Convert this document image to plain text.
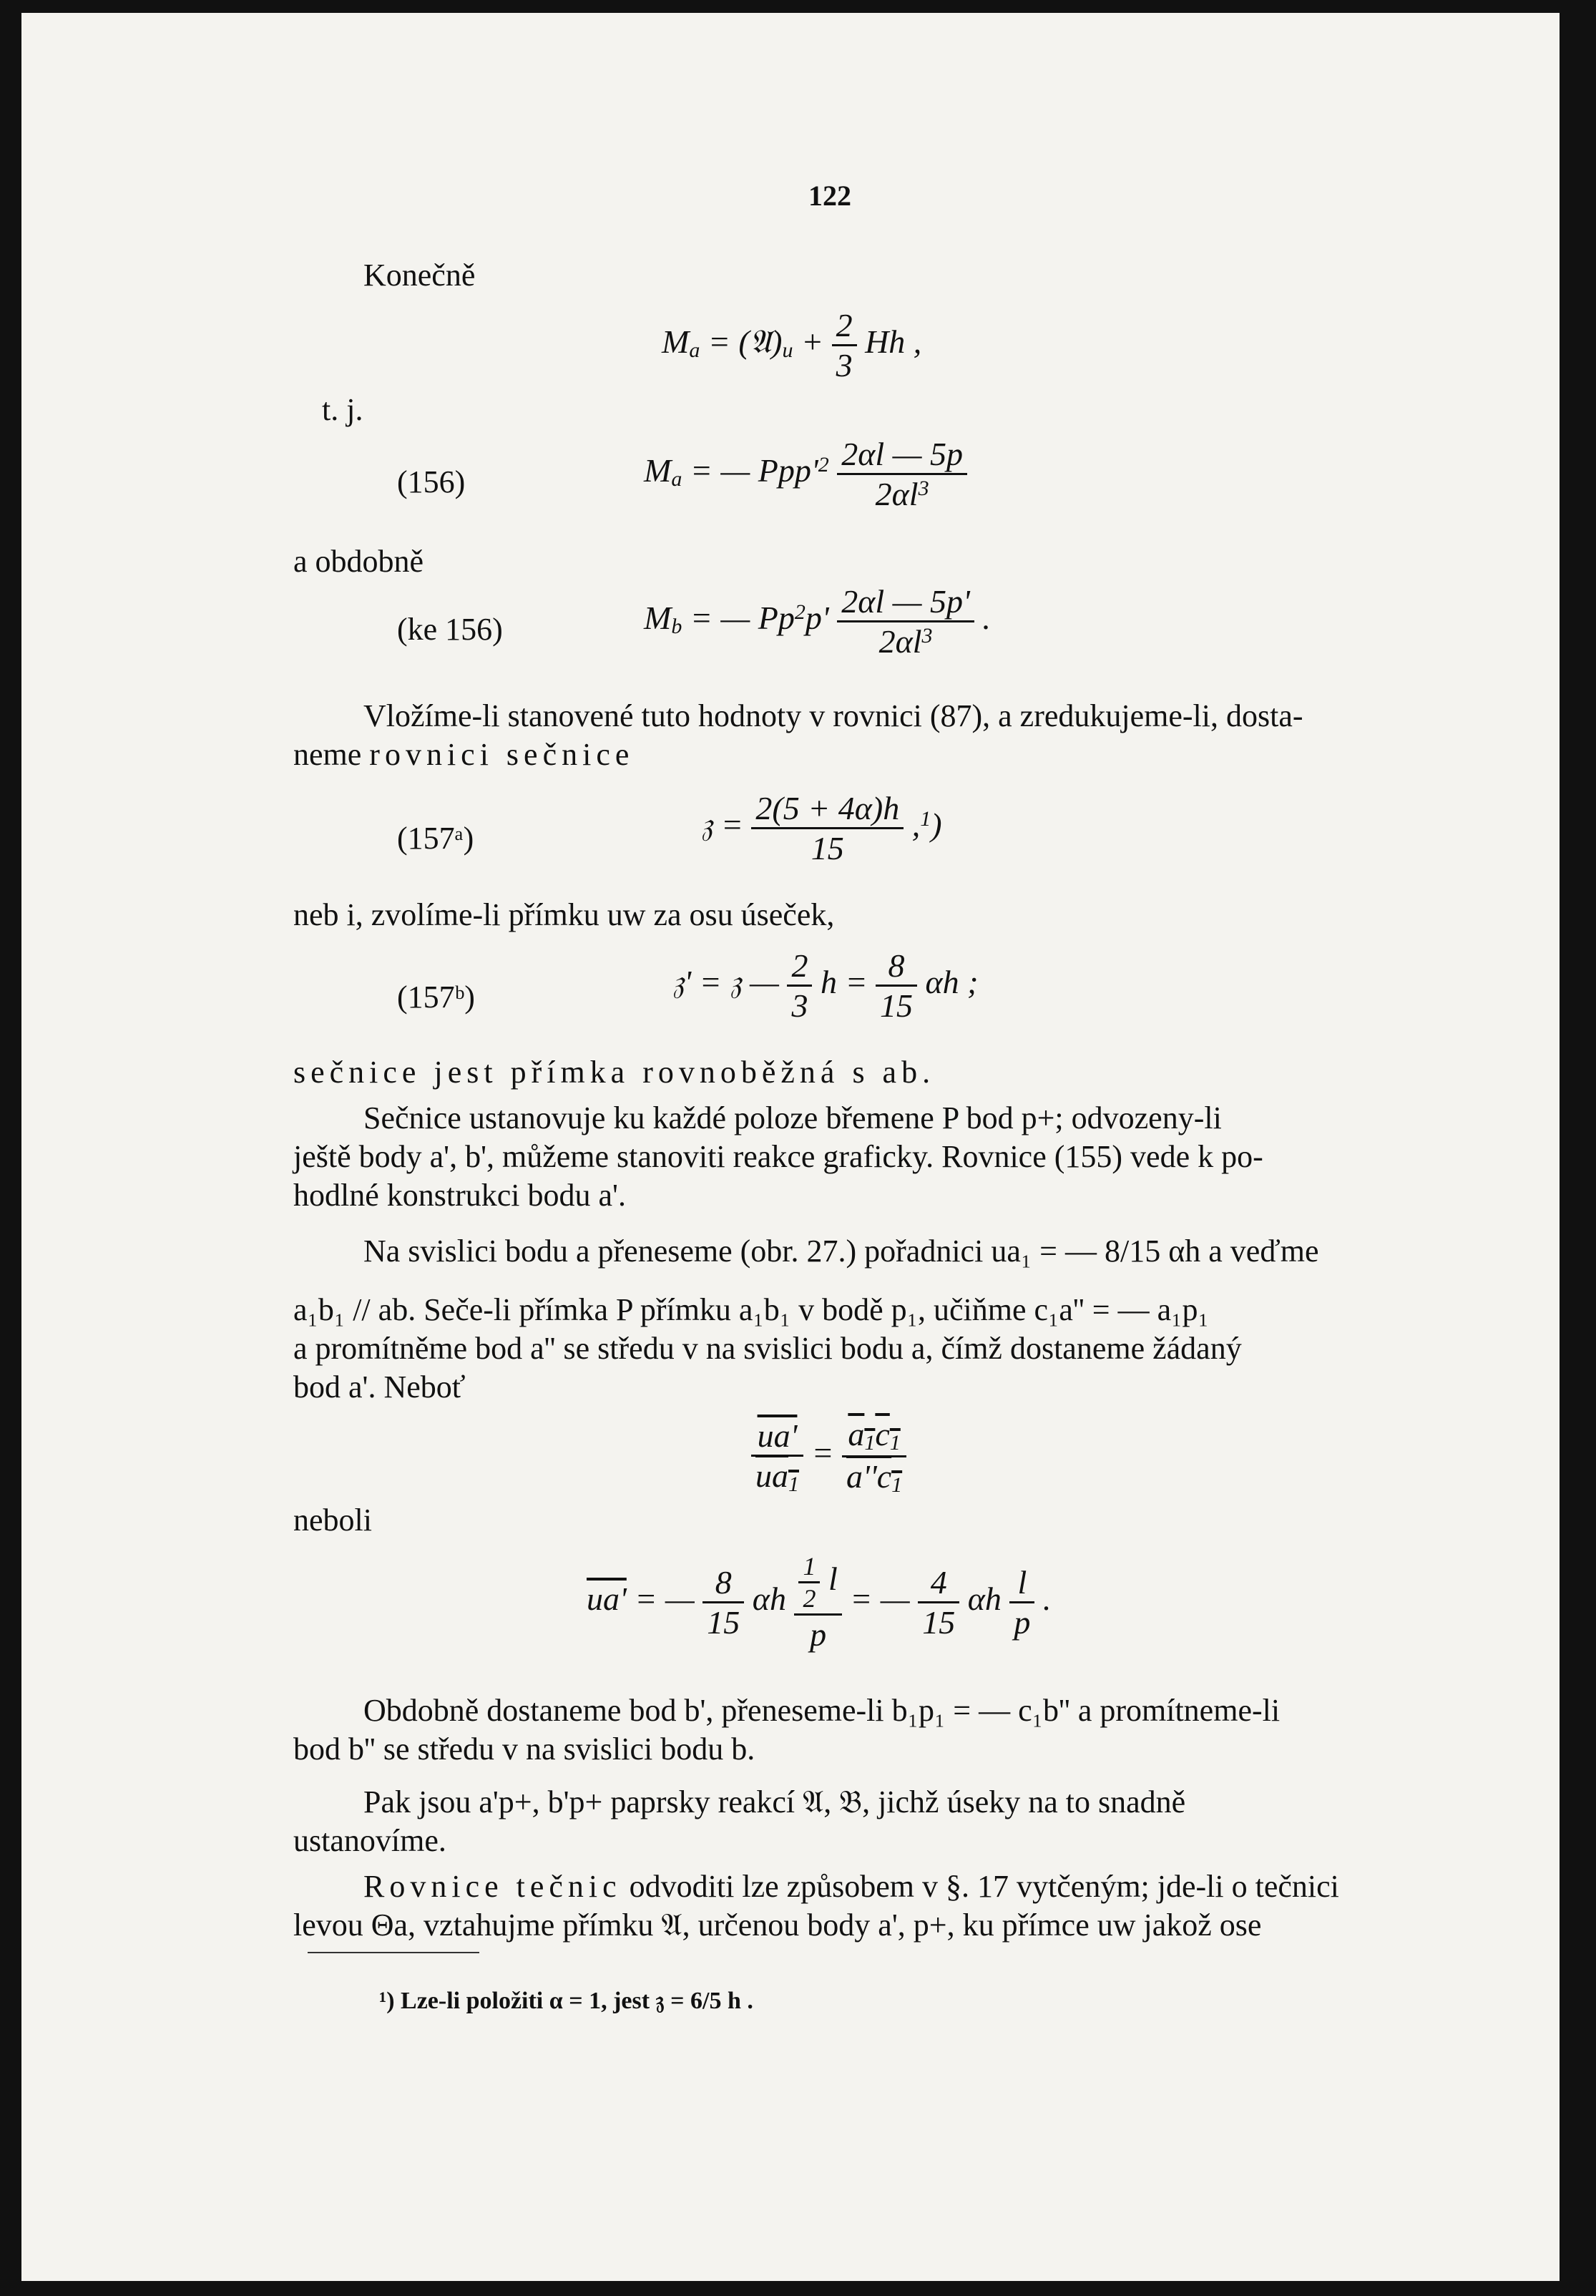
122
Konečně
$M_a$ = $(𝔄)_u + \frac{2}{3}$ Hh ,
t. j.
(156)	$M_a$ = — $Ppp'^2 \frac{2\alpha l — 5p}{2\alpha l^3}$
a obdobně
(ke 156)	$M_b$ = — $Pp^2p' \frac{2\alpha l — 5p'}{2\alpha l^3}$ .
Vložíme-li stanovené tuto hodnoty v rovnici (87), a zredukujeme-li, dosta-
neme rovnici sečnice
(157ᵃ)	𝔷 = $\frac{2(5 + 4\alpha)h}{15} ,^1$)
neb i, zvolíme-li přímku uw za osu úseček,
(157ᵇ)	𝔷' = 𝔷 — $\frac{2}{3}$ $h = \frac{8}{15}$ αh ;
sečnice jest přímka rovnoběžná s ab.
Sečnice ustanovuje ku každé poloze břemene P bod p+; odvozeny-li
ještě body a', b', můžeme stanoviti reakce graficky. Rovnice (155) vede k po-
hodlné konstrukci bodu a'.
Na svislici bodu a přeneseme (obr. 27.) pořadnici ua₁ = — 8/15 αh a veďme
a₁b₁ // ab. Seče-li přímka P přímku a₁b₁ v bodě p₁, učiňme c₁a'' = — a₁p₁
a promítněme bod a'' se středu v na svislici bodu a, čímž dostaneme žádaný
bod a'. Neboť
$\frac{ua'}{ua_1} = \frac{a_1c_1}{a''c_1}$
neboli
ua' = — $\frac{8}{15}$ αh $\frac{\frac{1}{2} l}{p}$ = — $\frac{4}{15}$ αh $\frac{l}{p}$ .
Obdobně dostaneme bod b', přeneseme-li b₁p₁ = — c₁b'' a promítneme-li
bod b'' se středu v na svislici bodu b.
Pak jsou a'p+, b'p+ paprsky reakcí 𝔄, 𝔅, jichž úseky na to snadně
ustanovíme.
Rovnice tečnic odvoditi lze způsobem v §. 17 vytčeným; jde-li o tečnici
levou Θa, vztahujme přímku 𝔄, určenou body a', p+, ku přímce uw jakož ose
¹) Lze-li položiti α = 1, jest 𝔷 = 6/5 h .
